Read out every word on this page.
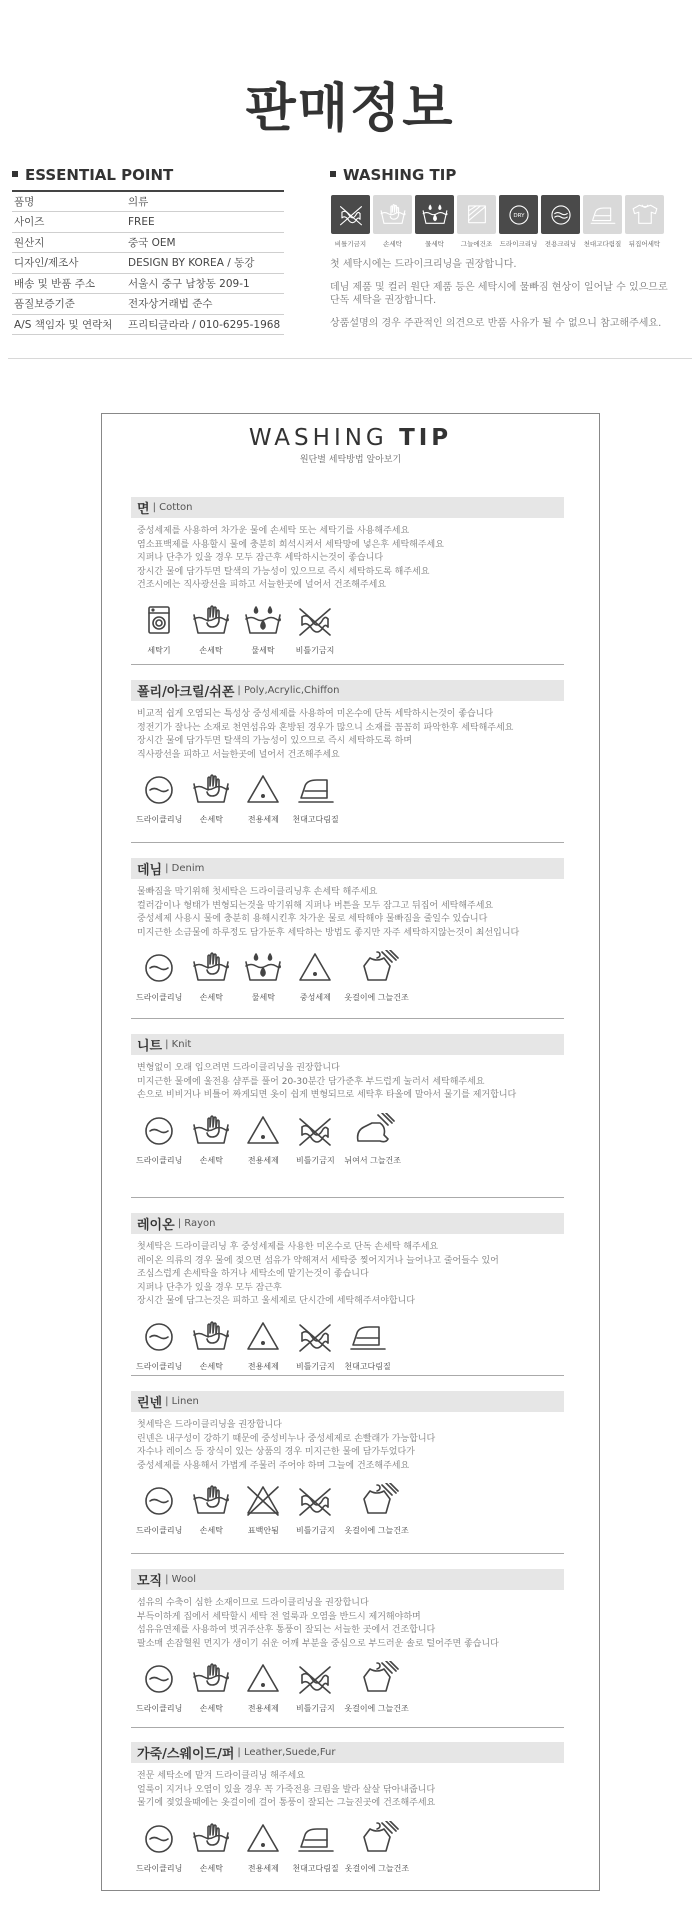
판매정보
ESSENTIAL POINT
품명	의류
사이즈	FREE
원산지	중국 OEM
디자인/제조사	DESIGN BY KOREA / 동강
배송 및 반품 주소	서울시 중구 남창동 209-1
품질보증기준	전자상거래법 준수
A/S 책임자 및 연락처	프리티글라라 / 010-6295-1968
WASHING TIP
비틀기금지	손세탁	물세탁	그늘에건조
DRY
드라이크리닝 전용크리닝 천대고다림질 뒤집어세탁
첫 세탁시에는 드라이크리닝을 권장합니다.
데님 제품 및 컬러 원단 제품 등은 세탁시에 물빠짐 현상이 일어날 수 있으므로
단독 세탁을 권장합니다.
상품설명의 경우 주관적인 의견으로 반품 사유가 될 수 없으니 참고해주세요.
WASHING TIP
원단별 세탁방법 알아보기
면 | Cotton
중성세제를 사용하여 차가운 물에 손세탁 또는 세탁기를 사용해주세요
염소표백제를 사용할시 물에 충분히 희석시켜서 세탁망에 넣은후 세탁해주세요
지퍼나 단추가 있을 경우 모두 잠근후 세탁하시는것이 좋습니다
장시간 물에 담가두면 탈색의 가능성이 있으므로 즉시 세탁하도록 해주세요
건조시에는 직사광선을 피하고 서늘한곳에 널어서 건조해주세요
세탁기	손세탁	물세탁	비틀기금지
폴리/아크릴/쉬폰 | Poly,Acrylic,Chiffon
비교적 쉽게 오염되는 특성상 중성세제를 사용하여 미온수에 단독 세탁하시는것이 좋습니다
정전기가 잘나는 소재로 천연섬유와 혼방된 경우가 많으니 소재를 꼼꼼히 파악한후 세탁해주세요
장시간 물에 담가두면 탈색의 가능성이 있으므로 즉시 세탁하도록 하며
직사광선을 피하고 서늘한곳에 널어서 건조해주세요
드라이클리닝 손세탁	전용세제 천대고다림질
데님 | Denim
물빠짐을 막기위해 첫세탁은 드라이클리닝후 손세탁 해주세요
컬러감이나 형태가 변형되는것을 막기위해 지퍼나 버튼을 모두 잠그고 뒤집어 세탁해주세요
중성세제 사용시 물에 충분히 용해시킨후 차가운 물로 세탁해야 물빠짐을 줄일수 있습니다
미지근한 소금물에 하루정도 담가둔후 세탁하는 방법도 좋지만 자주 세탁하지않는것이 최선입니다
드라이클리닝 손세탁	물세탁	중성세제 옷걸이에 그늘건조
니트 | Knit
변형없이 오래 입으려면 드라이클리닝을 권장합니다
미지근한 물에에 울전용 샴푸를 풀어 20-30분간 담가준후 부드럽게 눌러서 세탁해주세요
손으로 비비거나 비틀어 짜게되면 옷이 쉽게 변형되므로 세탁후 타올에 말아서 물기를 제거합니다
드라이클리닝 손세탁	전용세제 비틀기금지 뉘여서 그늘건조
레이온 | Rayon
첫세탁은 드라이클리닝 후 중성세제를 사용한 미온수로 단독 손세탁 해주세요
레이온 의류의 경우 물에 젖으면 섬유가 약해져서 세탁중 찢어지거나 늘어나고 줄어들수 있어
조심스럽게 손세탁을 하거나 세탁소에 맡기는것이 좋습니다
지퍼나 단추가 있을 경우 모두 잠근후
장시간 물에 담그는것은 피하고 울세제로 단시간에 세탁해주셔야합니다
드라이클리닝 손세탁	전용세제 비틀기금지 천대고다림질
린넨 | Linen
첫세탁은 드라이클리닝을 권장합니다
린넨은 내구성이 강하기 때문에 중성비누나 중성세제로 손빨래가 가능합니다
자수나 레이스 등 장식이 있는 상품의 경우 미지근한 물에 담가두었다가
중성세제를 사용해서 가볍게 주물러 주어야 하며 그늘에 건조해주세요
드라이클리닝 손세탁	표백안됨 비틀기금지 옷걸이에 그늘건조
모직 | Wool
섬유의 수축이 심한 소재이므로 드라이클리닝을 권장합니다
부득이하게 집에서 세탁할시 세탁 전 얼룩과 오염을 반드시 제거해야하며
섬유유연제를 사용하여 벗귀주산후 통풍이 잘되는 서늘한 곳에서 건조합니다
팔소매 손잡혈원 먼지가 생이기 쉬운 어깨 부분을 중심으로 부드러운 솔로 털어주면 좋습니다
드라이클리닝 손세탁	전용세제 비틀기금지 옷걸이에 그늘건조
가죽/스웨이드/퍼 | Leather,Suede,Fur
전문 세탁소에 맡겨 드라이클리닝 해주세요
얼룩이 지거나 오염이 있을 경우 꼭 가죽전용 크림을 발라 살살 닦아내줍니다
물기에 젖었을때에는 옷걸이에 걸어 통풍이 잘되는 그늘진곳에 건조해주세요
드라이클리닝 손세탁	전용세제 천대고다림질 옷걸이에 그늘건조
